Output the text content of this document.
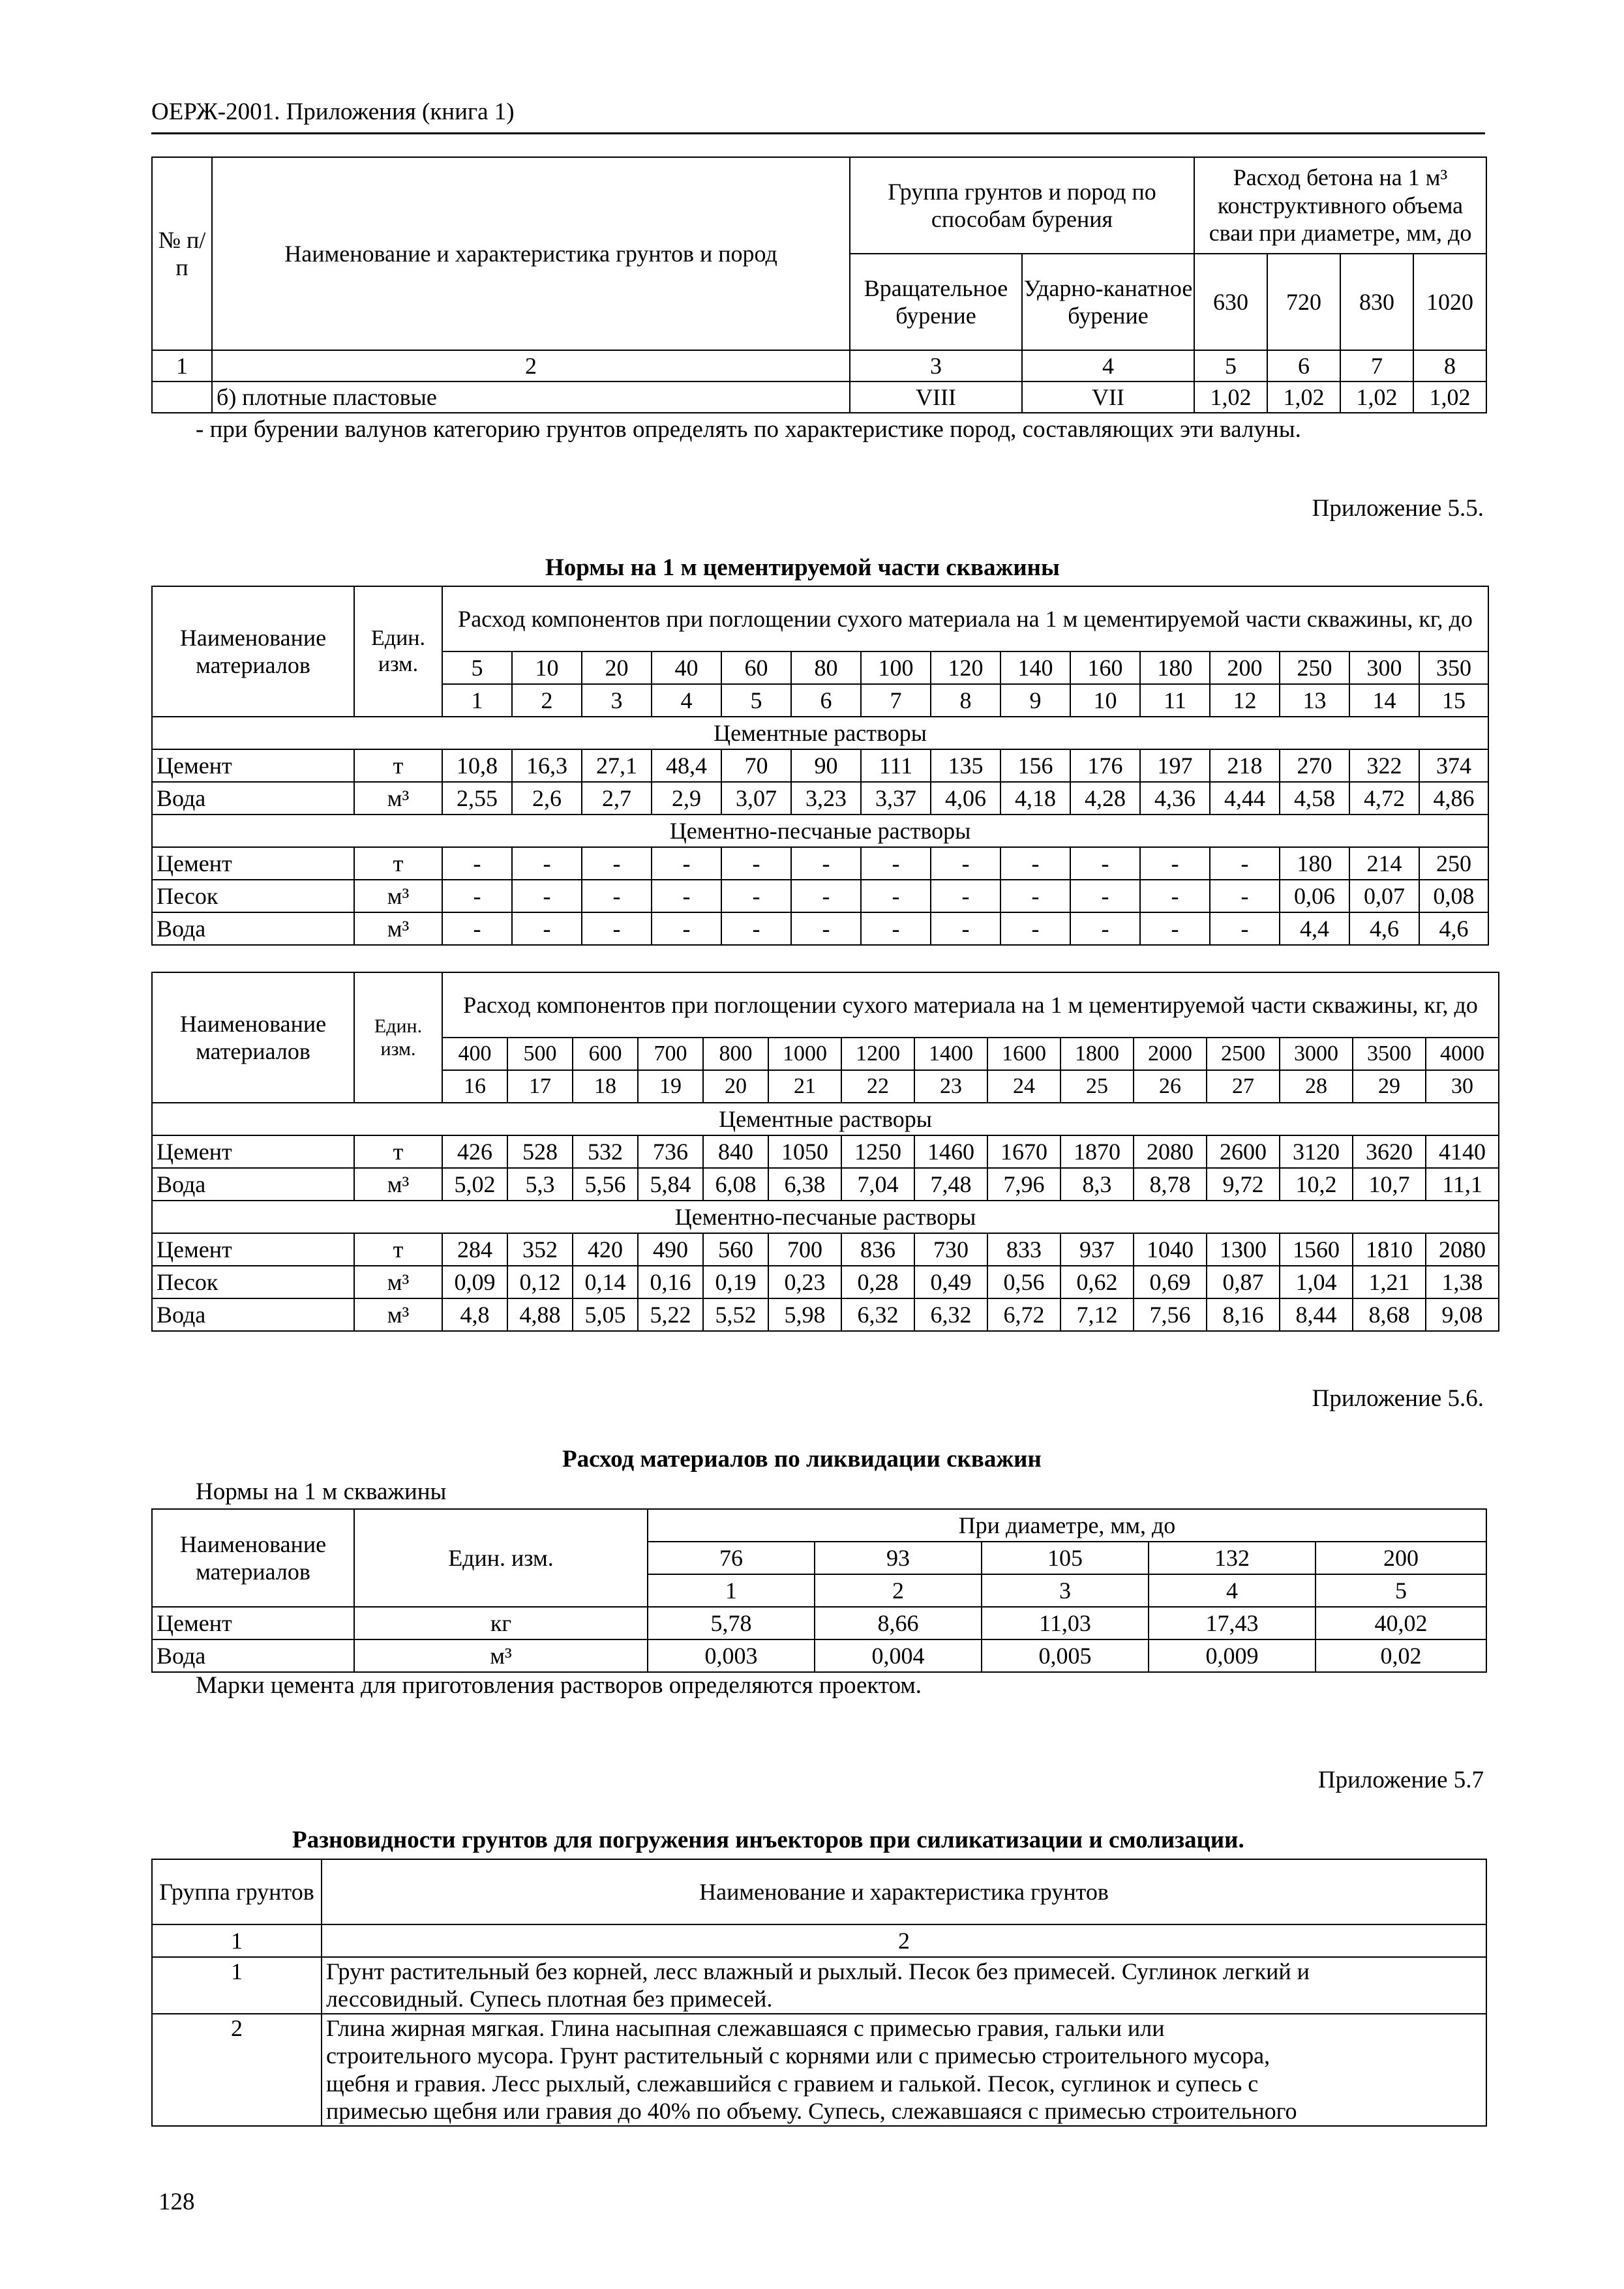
ОЕРЖ-2001. Приложения (книга 1)
№ п/п	Наименование и характеристика грунтов и пород	Группа грунтов и пород по способам бурения		Расход бетона на 1 м³ конструктивного объема сваи при диаметре, мм, до			
		Вращательное бурение	Ударно-канатное бурение	630	720	830	1020
1	2	3	4	5	6	7	8
	б) плотные пластовые	VIII	VII	1,02	1,02	1,02	1,02
- при бурении валунов категорию грунтов определять по характеристике пород, составляющих эти валуны.
Приложение 5.5.
Нормы на 1 м цементируемой части скважины
Наименование материалов	Един. изм.	Расход компонентов при поглощении сухого материала на 1 м цементируемой части скважины, кг, до														
		5	10	20	40	60	80	100	120	140	160	180	200	250	300	350
		1	2	3	4	5	6	7	8	9	10	11	12	13	14	15
Цементные растворы																
Цемент	т	10,8	16,3	27,1	48,4	70	90	111	135	156	176	197	218	270	322	374
Вода	м³	2,55	2,6	2,7	2,9	3,07	3,23	3,37	4,06	4,18	4,28	4,36	4,44	4,58	4,72	4,86
Цементно-песчаные растворы																
Цемент	т	-	-	-	-	-	-	-	-	-	-	-	-	180	214	250
Песок	м³	-	-	-	-	-	-	-	-	-	-	-	-	0,06	0,07	0,08
Вода	м³	-	-	-	-	-	-	-	-	-	-	-	-	4,4	4,6	4,6
Наименование материалов	Един. изм.	Расход компонентов при поглощении сухого материала на 1 м цементируемой части скважины, кг, до														
		400	500	600	700	800	1000	1200	1400	1600	1800	2000	2500	3000	3500	4000
		16	17	18	19	20	21	22	23	24	25	26	27	28	29	30
Цементные растворы																
Цемент	т	426	528	532	736	840	1050	1250	1460	1670	1870	2080	2600	3120	3620	4140
Вода	м³	5,02	5,3	5,56	5,84	6,08	6,38	7,04	7,48	7,96	8,3	8,78	9,72	10,2	10,7	11,1
Цементно-песчаные растворы																
Цемент	т	284	352	420	490	560	700	836	730	833	937	1040	1300	1560	1810	2080
Песок	м³	0,09	0,12	0,14	0,16	0,19	0,23	0,28	0,49	0,56	0,62	0,69	0,87	1,04	1,21	1,38
Вода	м³	4,8	4,88	5,05	5,22	5,52	5,98	6,32	6,32	6,72	7,12	7,56	8,16	8,44	8,68	9,08
Приложение 5.6.
Расход материалов по ликвидации скважин
Нормы на 1 м скважины
Наименование материалов	Един. изм.	При диаметре, мм, до				
		76	93	105	132	200
		1	2	3	4	5
Цемент	кг	5,78	8,66	11,03	17,43	40,02
Вода	м³	0,003	0,004	0,005	0,009	0,02
Марки цемента для приготовления растворов определяются проектом.
Приложение 5.7
Разновидности грунтов для погружения инъекторов при силикатизации и смолизации.
Группа грунтов	Наименование и характеристика грунтов
1	2
1	Грунт растительный без корней, лесс влажный и рыхлый. Песок без примесей. Суглинок легкий и
лессовидный. Супесь плотная без примесей.

2	Глина жирная мягкая. Глина насыпная слежавшаяся с примесью гравия, гальки или
строительного мусора. Грунт растительный с корнями или с примесью строительного мусора,
щебня и гравия. Лесс рыхлый, слежавшийся с гравием и галькой. Песок, суглинок и супесь с
примесью щебня или гравия до 40% по объему. Супесь, слежавшаяся с примесью строительного
128
